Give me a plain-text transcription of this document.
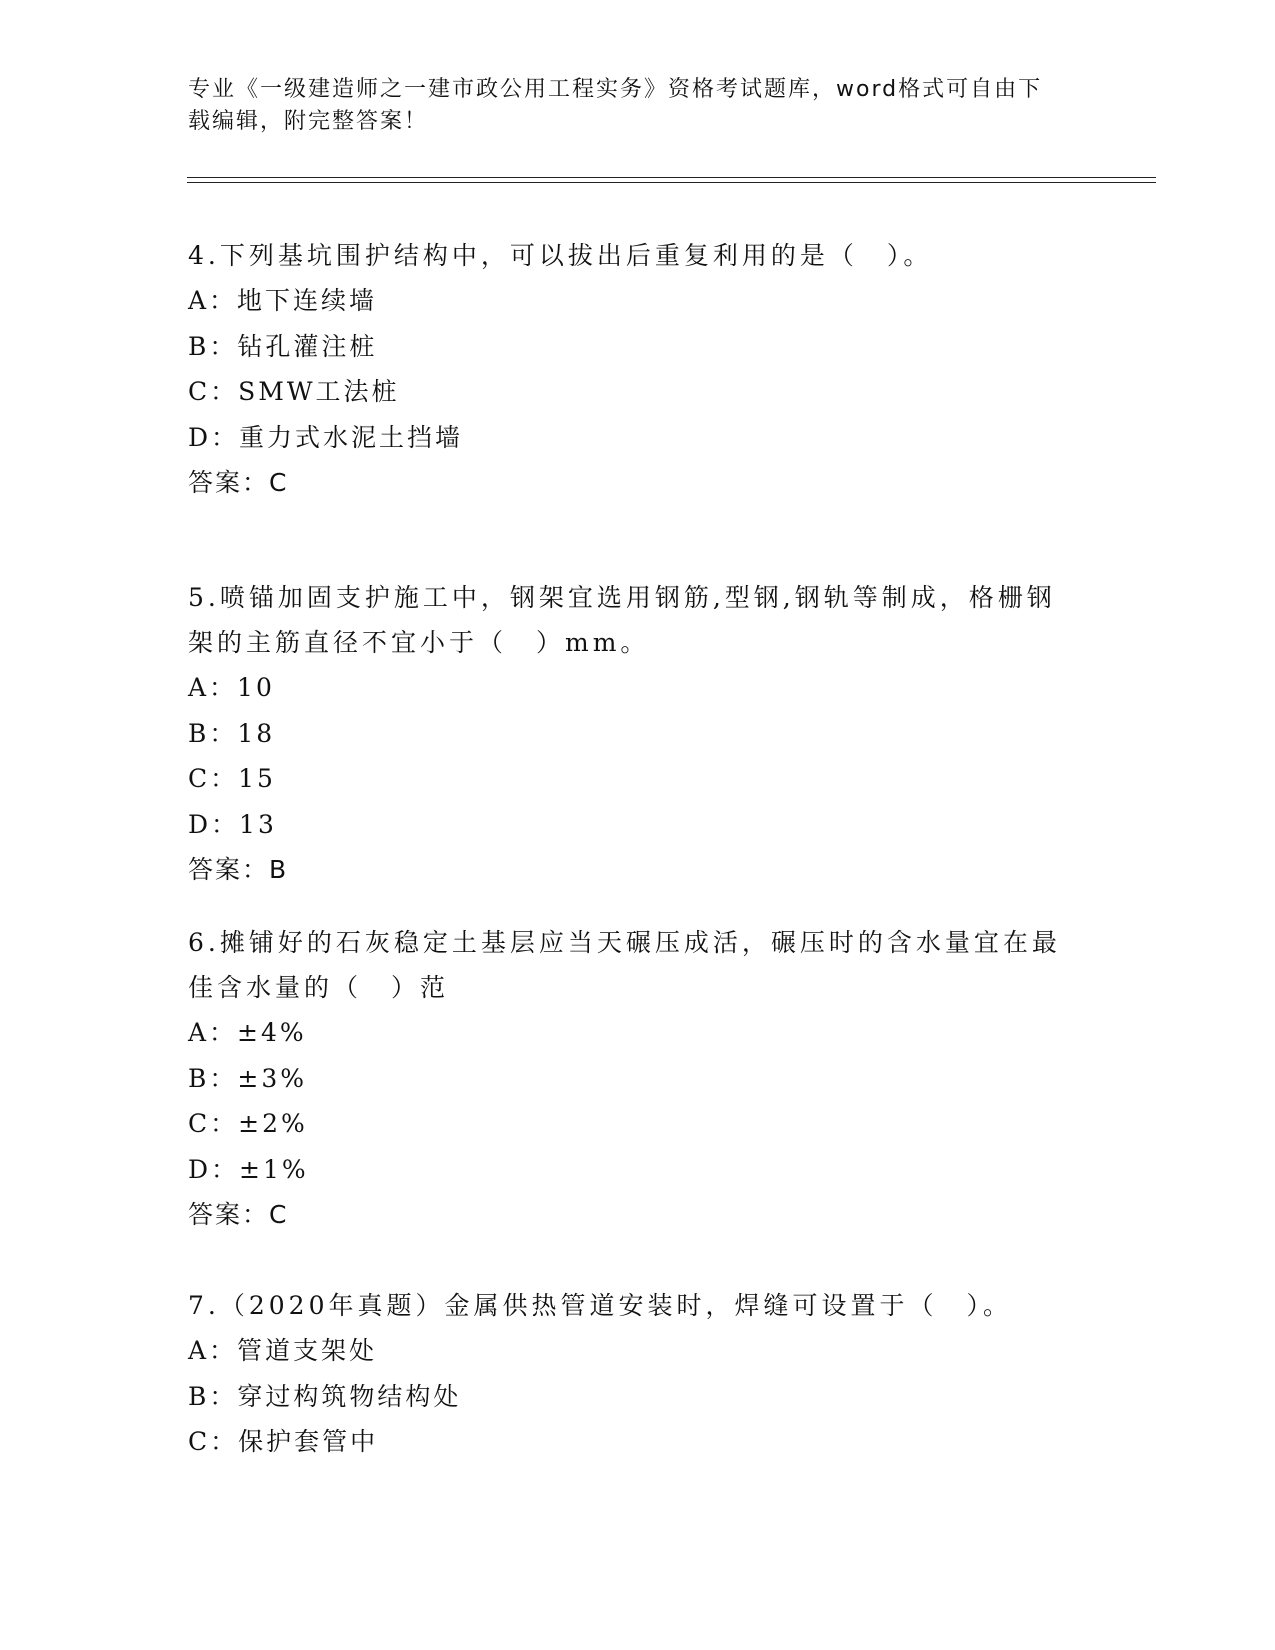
专业《一级建造师之一建市政公用工程实务》资格考试题库，word格式可自由下
载编辑，附完整答案！

4.下列基坑围护结构中，可以拔出后重复利用的是（　）。

A：地下连续墙

B：钻孔灌注桩

C：SMW工法桩

D：重力式水泥土挡墙

答案：C

5.喷锚加固支护施工中，钢架宜选用钢筋,型钢,钢轨等制成，格栅钢架的主筋直径不宜小于（　）mm。

A：10

B：18

C：15

D：13

答案：B

6.摊铺好的石灰稳定土基层应当天碾压成活，碾压时的含水量宜在最佳含水量的（　）范

A：±4%

B：±3%

C：±2%

D：±1%

答案：C

7.（2020年真题）金属供热管道安装时，焊缝可设置于（　）。

A：管道支架处

B：穿过构筑物结构处

C：保护套管中
